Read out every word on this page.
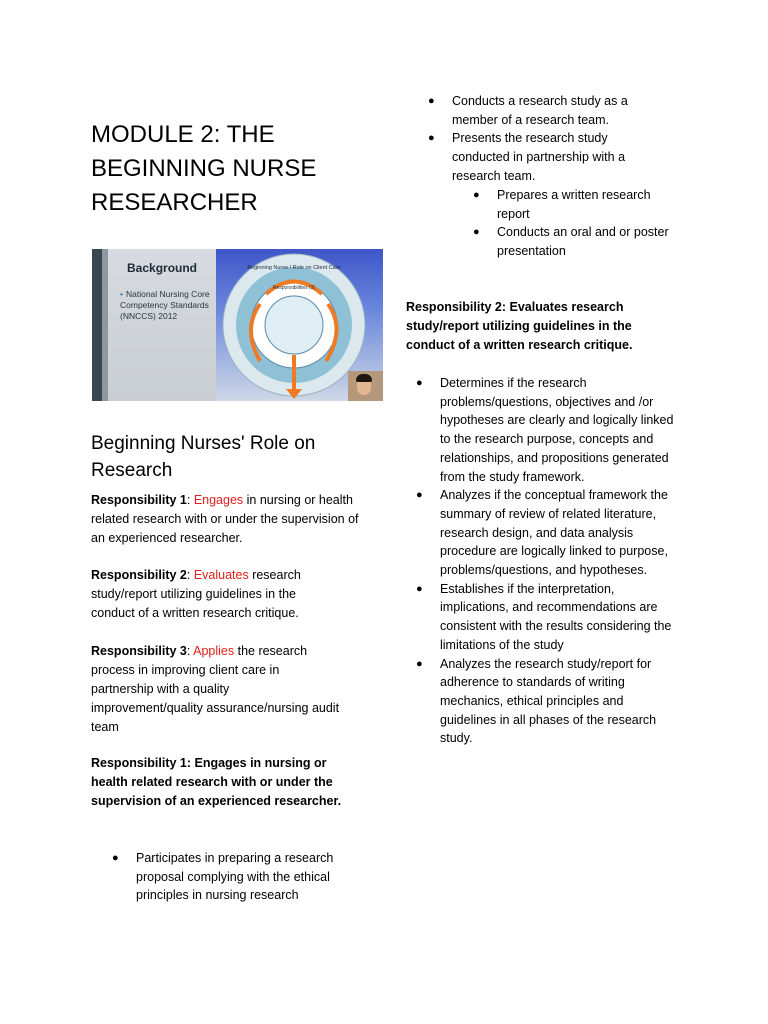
MODULE 2: THE BEGINNING NURSE RESEARCHER
Background
• National Nursing Core Competency Standards (NNCCS) 2012
Beginning Nurse / Role on Client Care
Responsibilities (3)
Beginning Nurses' Role on Research

Responsibility 1: Engages in nursing or health related research with or under the supervision of an experienced researcher.

Responsibility 2: Evaluates research study/report utilizing guidelines in the conduct of a written research critique.

Responsibility 3: Applies the research process in improving client care in partnership with a quality improvement/quality assurance/nursing audit team

Responsibility 1: Engages in nursing or health related research with or under the supervision of an experienced researcher.

● Participates in preparing a research proposal complying with the ethical principles in nursing research
● Conducts a research study as a member of a research team.
● Presents the research study conducted in partnership with a research team.
● Prepares a written research report
● Conducts an oral and or poster presentation

Responsibility 2: Evaluates research study/report utilizing guidelines in the conduct of a written research critique.

● Determines if the research problems/questions, objectives and /or hypotheses are clearly and logically linked to the research purpose, concepts and relationships, and propositions generated from the study framework.
● Analyzes if the conceptual framework the summary of review of related literature, research design, and data analysis procedure are logically linked to purpose, problems/questions, and hypotheses.
● Establishes if the interpretation, implications, and recommendations are consistent with the results considering the limitations of the study
● Analyzes the research study/report for adherence to standards of writing mechanics, ethical principles and guidelines in all phases of the research study.
